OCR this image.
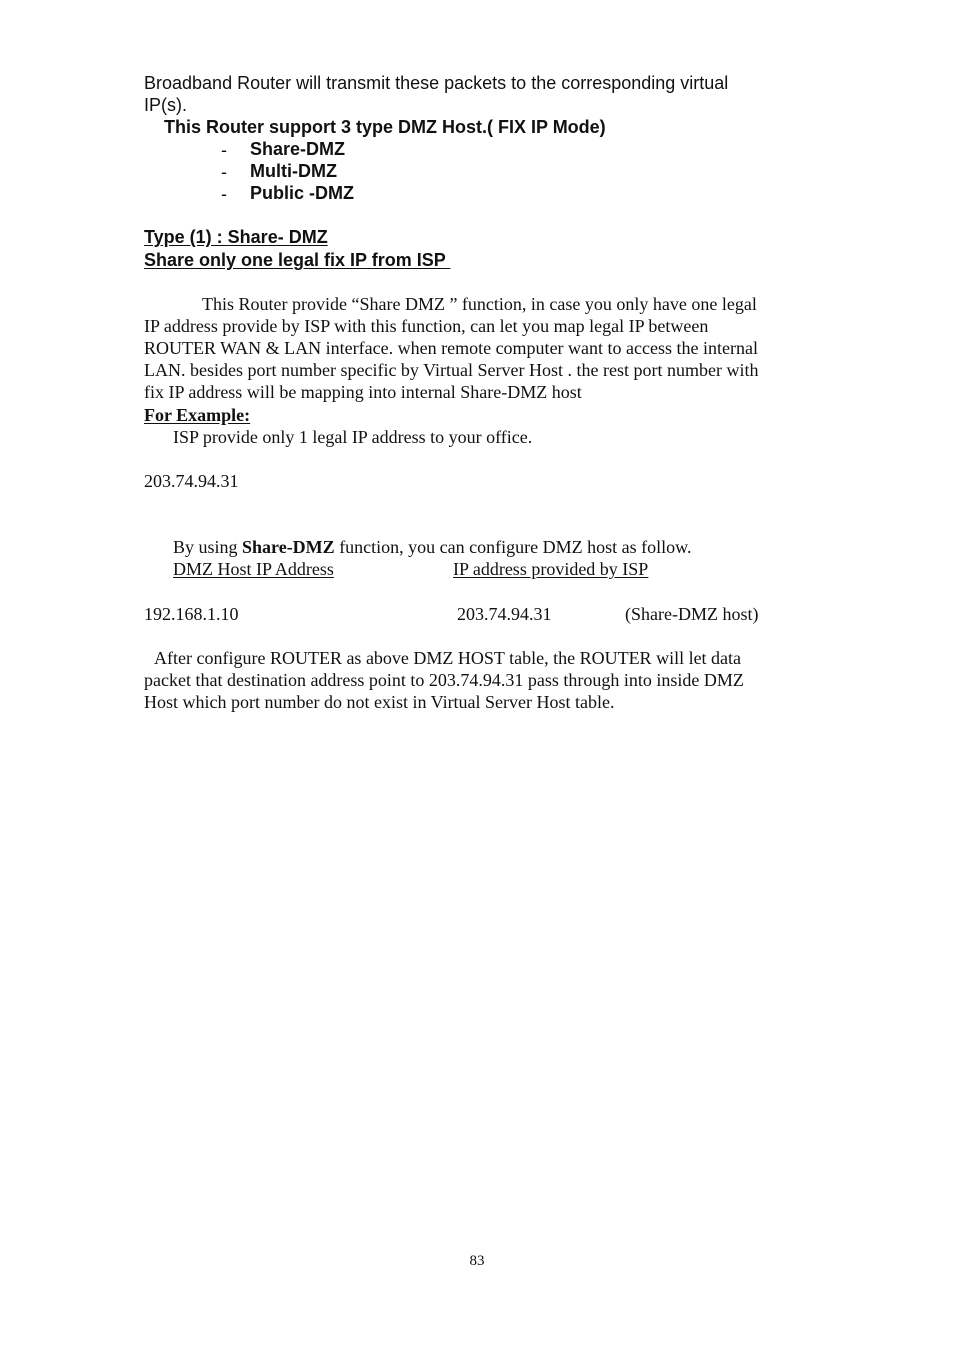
Broadband Router will transmit these packets to the corresponding virtual
IP(s).
This Router support 3 type DMZ Host.( FIX IP Mode)
- Share-DMZ
- Multi-DMZ
- Public -DMZ
Type (1) : Share- DMZ
Share only one legal fix IP from ISP
This Router provide “Share DMZ ” function, in case you only have one legal
IP address provide by ISP with this function, can let you map legal IP between
ROUTER WAN & LAN interface. when remote computer want to access the internal
LAN. besides port number specific by Virtual Server Host . the rest port number with
fix IP address will be mapping into internal Share-DMZ host
For Example:
ISP provide only 1 legal IP address to your office.
203.74.94.31
By using Share-DMZ function, you can configure DMZ host as follow.
DMZ Host IP Address	IP address provided by ISP
192.168.1.10	203.74.94.31	(Share-DMZ host)
After configure ROUTER as above DMZ HOST table, the ROUTER will let data
packet that destination address point to 203.74.94.31 pass through into inside DMZ
Host which port number do not exist in Virtual Server Host table.
83
